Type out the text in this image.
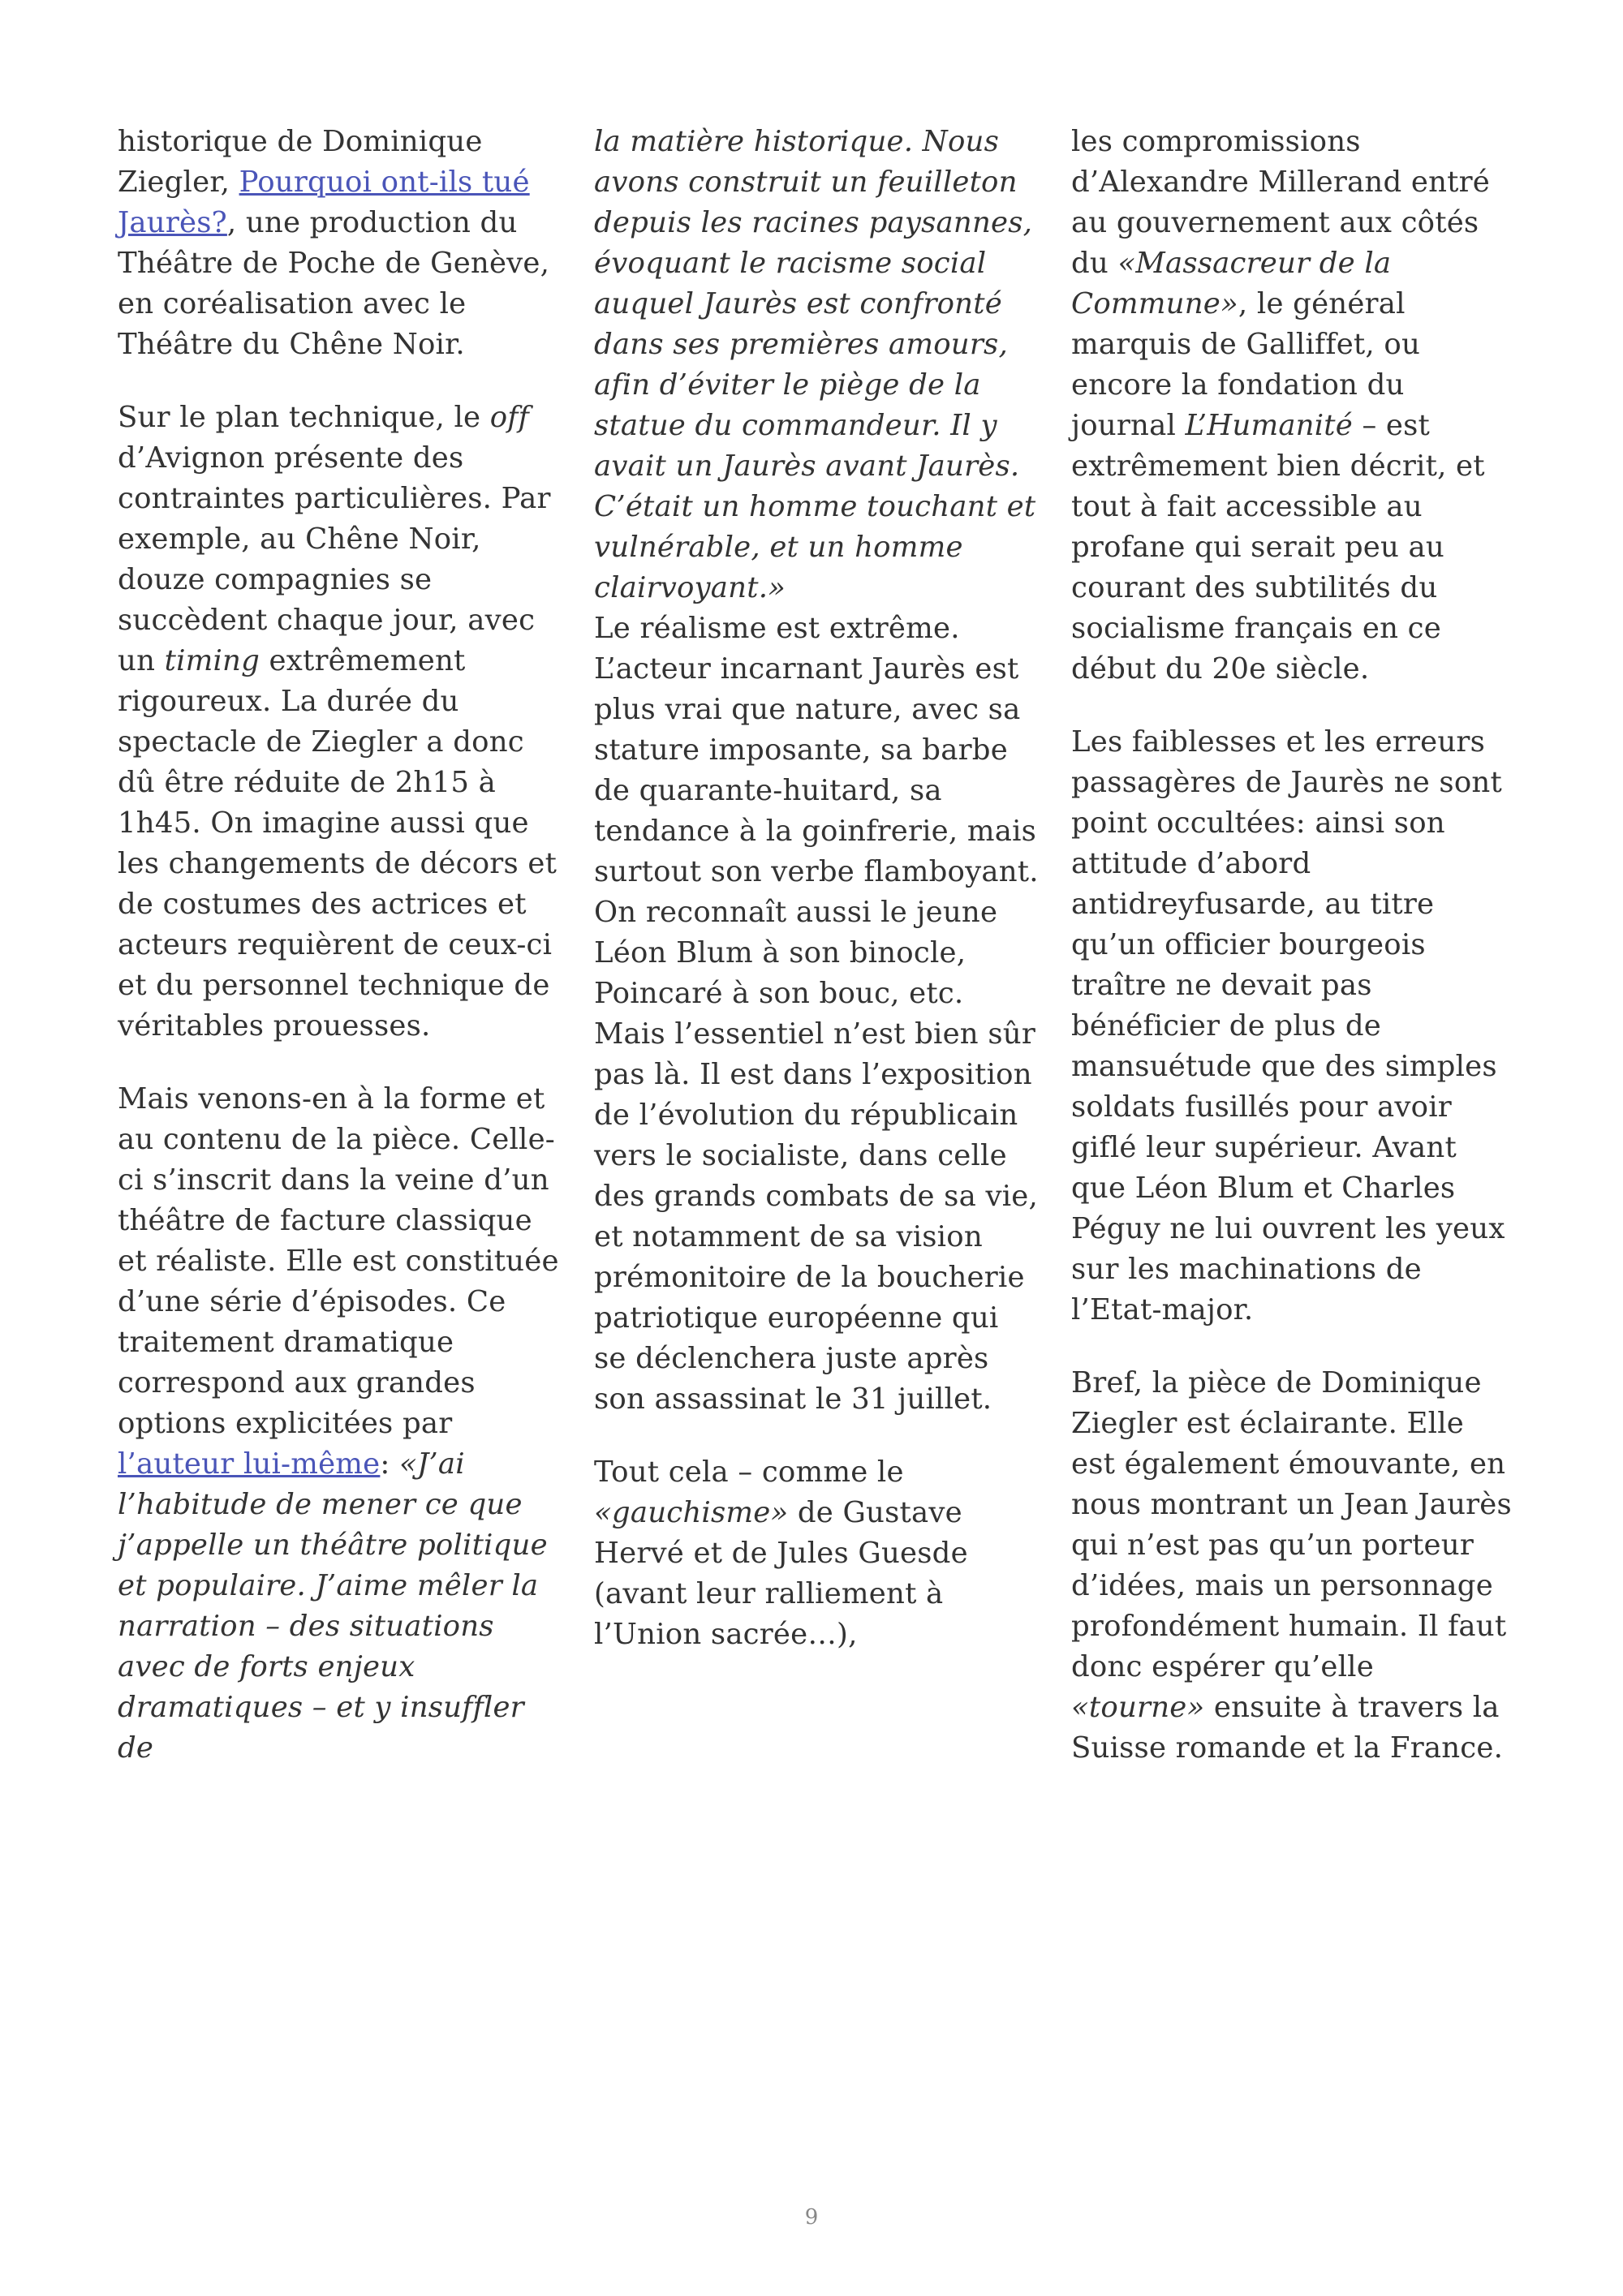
historique de Dominique Ziegler, Pourquoi ont-ils tué Jaurès?, une production du Théâtre de Poche de Genève, en coréalisation avec le Théâtre du Chêne Noir.

Sur le plan technique, le off d’Avignon présente des contraintes particulières. Par exemple, au Chêne Noir, douze compagnies se succèdent chaque jour, avec un timing extrêmement rigoureux. La durée du spectacle de Ziegler a donc dû être réduite de 2h15 à 1h45. On imagine aussi que les changements de décors et de costumes des actrices et acteurs requièrent de ceux-ci et du personnel technique de véritables prouesses.

Mais venons-en à la forme et au contenu de la pièce. Celle-ci s’inscrit dans la veine d’un théâtre de facture classique et réaliste. Elle est constituée d’une série d’épisodes. Ce traitement dramatique correspond aux grandes options explicitées par l’auteur lui-même: «J’ai l’habitude de mener ce que j’appelle un théâtre politique et populaire. J’aime mêler la narration – des situations avec de forts enjeux dramatiques – et y insuffler de

la matière historique. Nous avons construit un feuilleton depuis les racines paysannes, évoquant le racisme social auquel Jaurès est confronté dans ses premières amours, afin d’éviter le piège de la statue du commandeur. Il y avait un Jaurès avant Jaurès. C’était un homme touchant et vulnérable, et un homme clairvoyant.»

Le réalisme est extrême. L’acteur incarnant Jaurès est plus vrai que nature, avec sa stature imposante, sa barbe de quarante-huitard, sa tendance à la goinfrerie, mais surtout son verbe flamboyant. On reconnaît aussi le jeune Léon Blum à son binocle, Poincaré à son bouc, etc. Mais l’essentiel n’est bien sûr pas là. Il est dans l’exposition de l’évolution du républicain vers le socialiste, dans celle des grands combats de sa vie, et notamment de sa vision prémonitoire de la boucherie patriotique européenne qui se déclenchera juste après son assassinat le 31 juillet.

Tout cela – comme le «gauchisme» de Gustave Hervé et de Jules Guesde (avant leur ralliement à l’Union sacrée…),

les compromissions d’Alexandre Millerand entré au gouvernement aux côtés du «Massacreur de la Commune», le général marquis de Galliffet, ou encore la fondation du journal L’Humanité – est extrêmement bien décrit, et tout à fait accessible au profane qui serait peu au courant des subtilités du socialisme français en ce début du 20e siècle.

Les faiblesses et les erreurs passagères de Jaurès ne sont point occultées: ainsi son attitude d’abord antidreyfusarde, au titre qu’un officier bourgeois traître ne devait pas bénéficier de plus de mansuétude que des simples soldats fusillés pour avoir giflé leur supérieur. Avant que Léon Blum et Charles Péguy ne lui ouvrent les yeux sur les machinations de l’Etat-major.

Bref, la pièce de Dominique Ziegler est éclairante. Elle est également émouvante, en nous montrant un Jean Jaurès qui n’est pas qu’un porteur d’idées, mais un personnage profondément humain. Il faut donc espérer qu’elle «tourne» ensuite à travers la Suisse romande et la France.

9
